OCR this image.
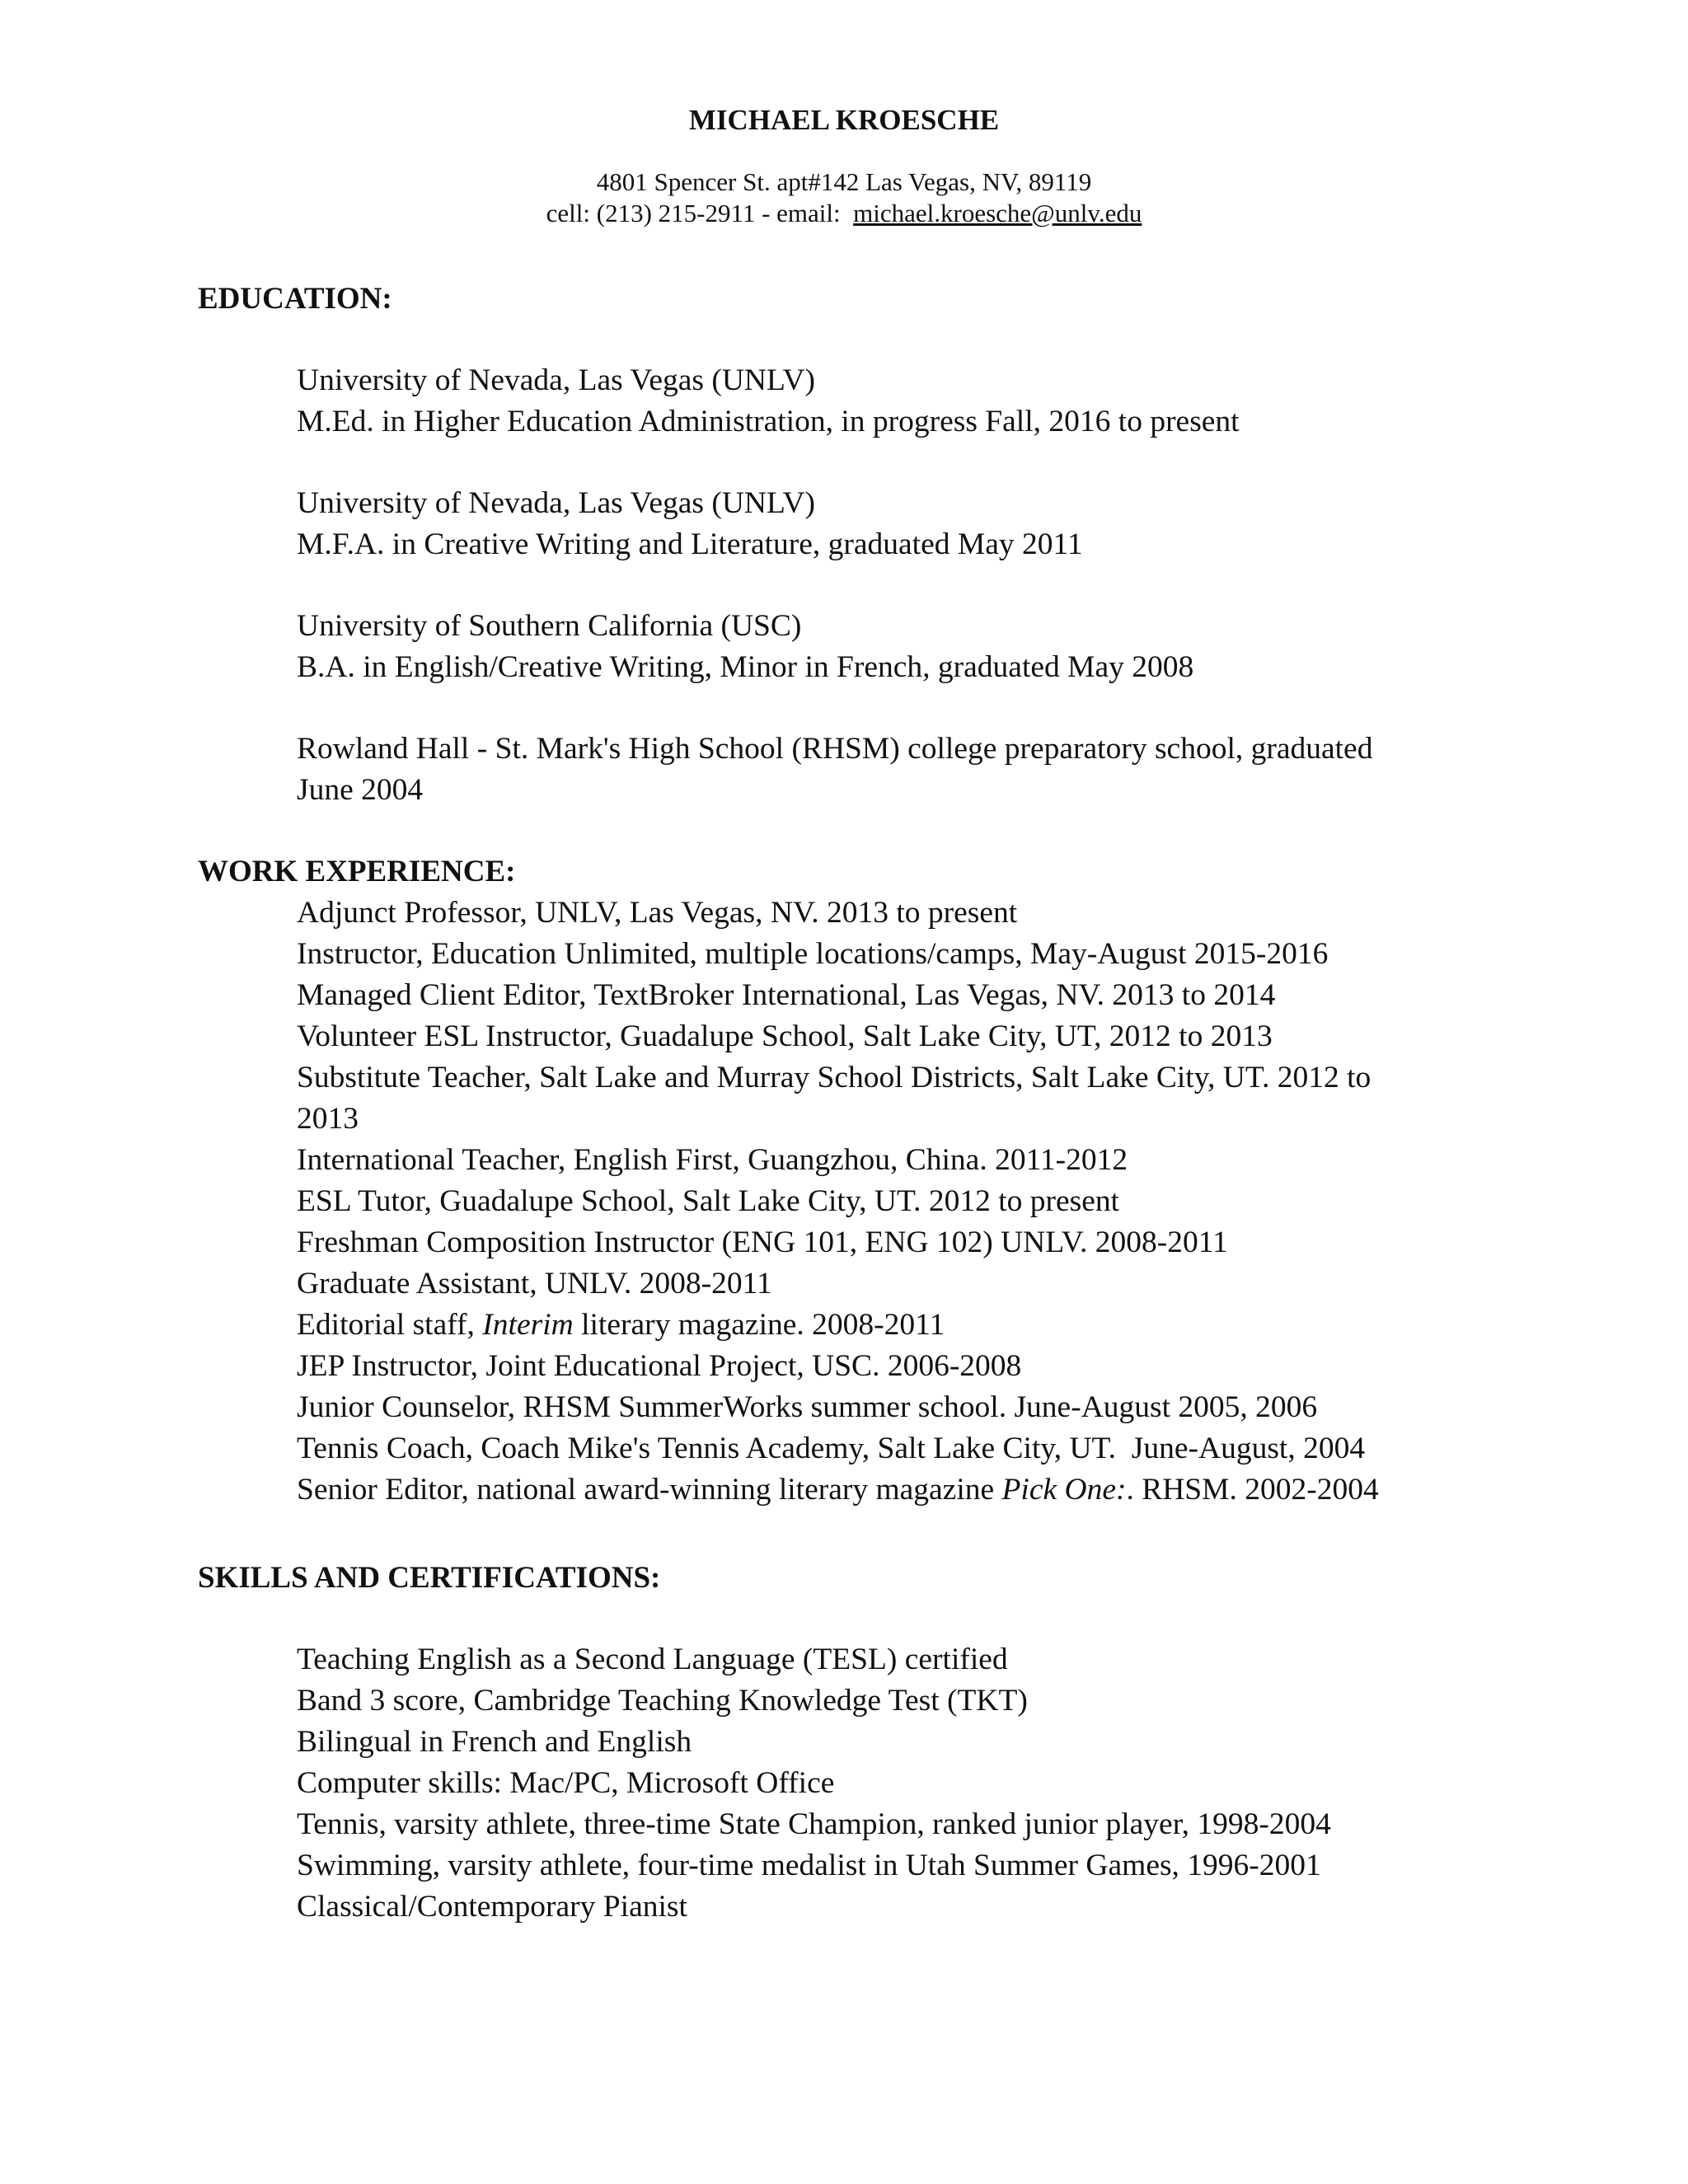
MICHAEL KROESCHE
4801 Spencer St. apt#142 Las Vegas, NV, 89119
cell: (213) 215-2911 - email:  michael.kroesche@unlv.edu
EDUCATION:
University of Nevada, Las Vegas (UNLV)
M.Ed. in Higher Education Administration, in progress Fall, 2016 to present
University of Nevada, Las Vegas (UNLV)
M.F.A. in Creative Writing and Literature, graduated May 2011
University of Southern California (USC)
B.A. in English/Creative Writing, Minor in French, graduated May 2008
Rowland Hall - St. Mark's High School (RHSM) college preparatory school, graduated
June 2004
WORK EXPERIENCE:
Adjunct Professor, UNLV, Las Vegas, NV. 2013 to present
Instructor, Education Unlimited, multiple locations/camps, May-August 2015-2016
Managed Client Editor, TextBroker International, Las Vegas, NV. 2013 to 2014
Volunteer ESL Instructor, Guadalupe School, Salt Lake City, UT, 2012 to 2013
Substitute Teacher, Salt Lake and Murray School Districts, Salt Lake City, UT. 2012 to
2013
International Teacher, English First, Guangzhou, China. 2011-2012
ESL Tutor, Guadalupe School, Salt Lake City, UT. 2012 to present
Freshman Composition Instructor (ENG 101, ENG 102) UNLV. 2008-2011
Graduate Assistant, UNLV. 2008-2011
Editorial staff, Interim literary magazine. 2008-2011
JEP Instructor, Joint Educational Project, USC. 2006-2008
Junior Counselor, RHSM SummerWorks summer school. June-August 2005, 2006
Tennis Coach, Coach Mike's Tennis Academy, Salt Lake City, UT.  June-August, 2004
Senior Editor, national award-winning literary magazine Pick One:. RHSM. 2002-2004
SKILLS AND CERTIFICATIONS:
Teaching English as a Second Language (TESL) certified
Band 3 score, Cambridge Teaching Knowledge Test (TKT)
Bilingual in French and English
Computer skills: Mac/PC, Microsoft Office
Tennis, varsity athlete, three-time State Champion, ranked junior player, 1998-2004
Swimming, varsity athlete, four-time medalist in Utah Summer Games, 1996-2001
Classical/Contemporary Pianist
